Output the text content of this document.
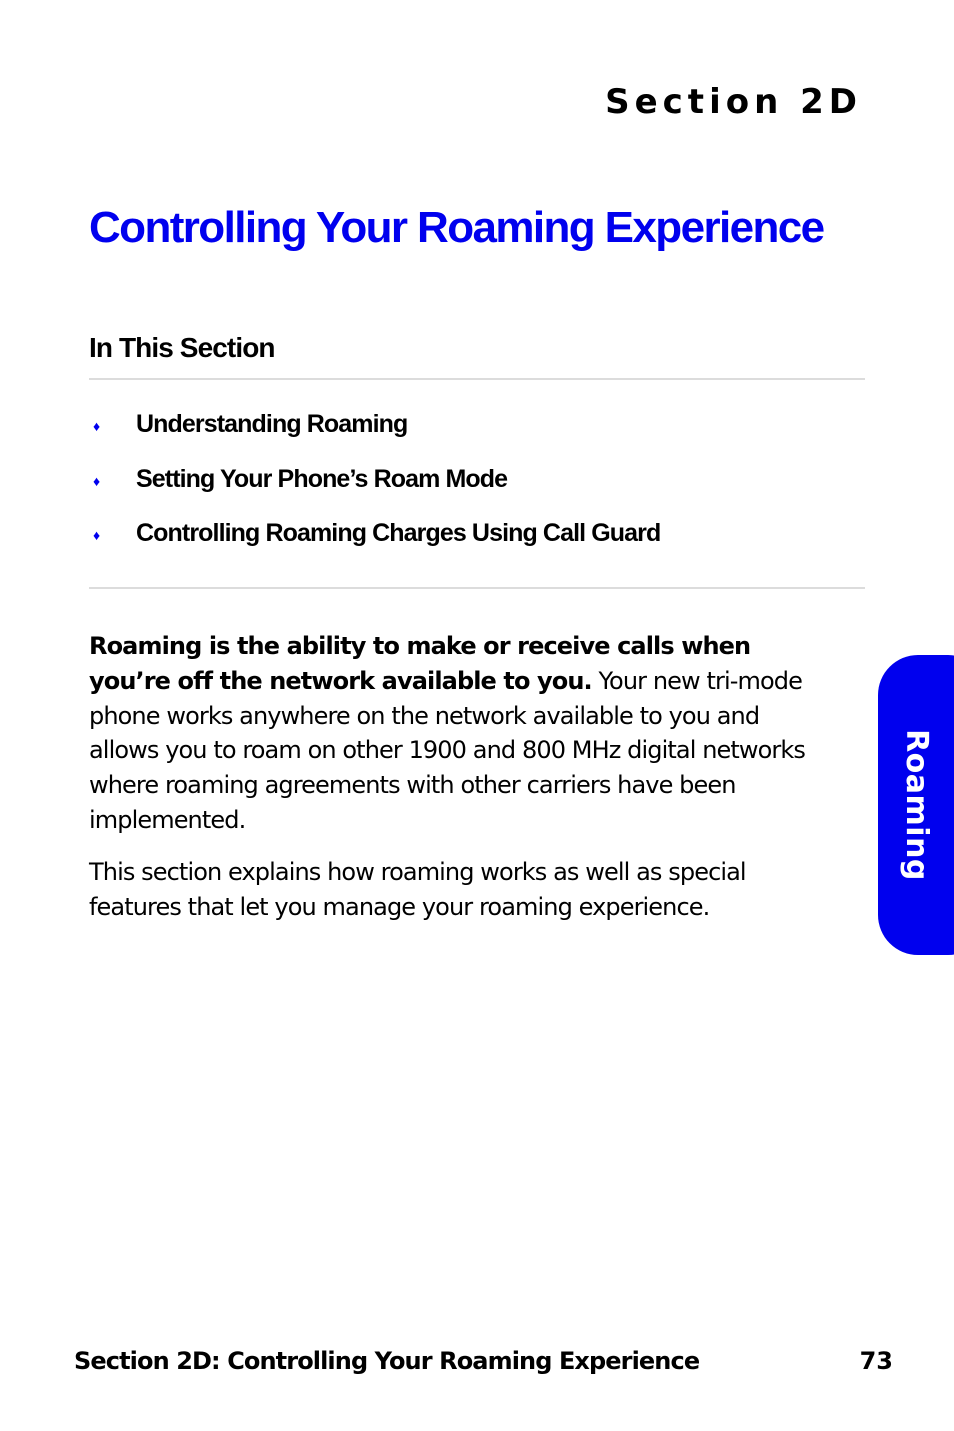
Section 2D
Controlling Your Roaming Experience
In This Section
♦ Understanding Roaming
♦ Setting Your Phone’s Roam Mode
♦ Controlling Roaming Charges Using Call Guard

Roaming is the ability to make or receive calls when you’re off the network available to you. Your new tri-mode phone works anywhere on the network available to you and allows you to roam on other 1900 and 800 MHz digital networks where roaming agreements with other carriers have been implemented.

This section explains how roaming works as well as special features that let you manage your roaming experience.

Roaming
Section 2D: Controlling Your Roaming Experience	73
